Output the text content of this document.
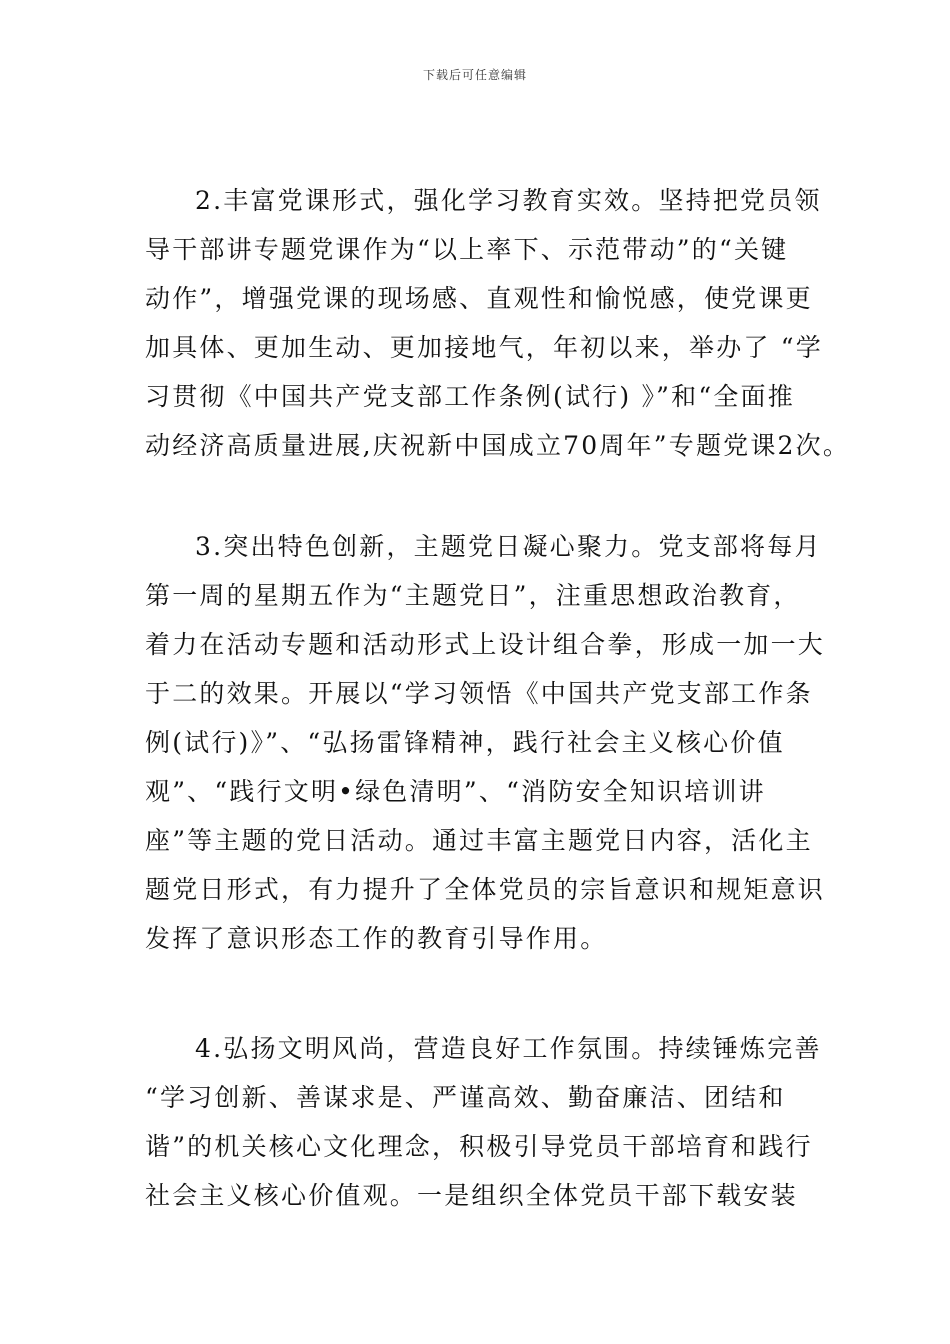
下载后可任意编辑
2.丰富党课形式，强化学习教育实效。坚持把党员领
导干部讲专题党课作为“以上率下、示范带动”的“关键
动作”，增强党课的现场感、直观性和愉悦感，使党课更
加具体、更加生动、更加接地气，年初以来，举办了 “学
习贯彻《中国共产党支部工作条例(试行) 》”和“全面推
动经济高质量进展,庆祝新中国成立70周年”专题党课2次。
3.突出特色创新，主题党日凝心聚力。党支部将每月
第一周的星期五作为“主题党日”，注重思想政治教育，
着力在活动专题和活动形式上设计组合拳，形成一加一大
于二的效果。开展以“学习领悟《中国共产党支部工作条
例(试行)》”、“弘扬雷锋精神，践行社会主义核心价值
观”、“践行文明•绿色清明”、“消防安全知识培训讲
座”等主题的党日活动。通过丰富主题党日内容，活化主
题党日形式，有力提升了全体党员的宗旨意识和规矩意识
发挥了意识形态工作的教育引导作用。
4.弘扬文明风尚，营造良好工作氛围。持续锤炼完善
“学习创新、善谋求是、严谨高效、勤奋廉洁、团结和
谐”的机关核心文化理念，积极引导党员干部培育和践行
社会主义核心价值观。一是组织全体党员干部下载安装
